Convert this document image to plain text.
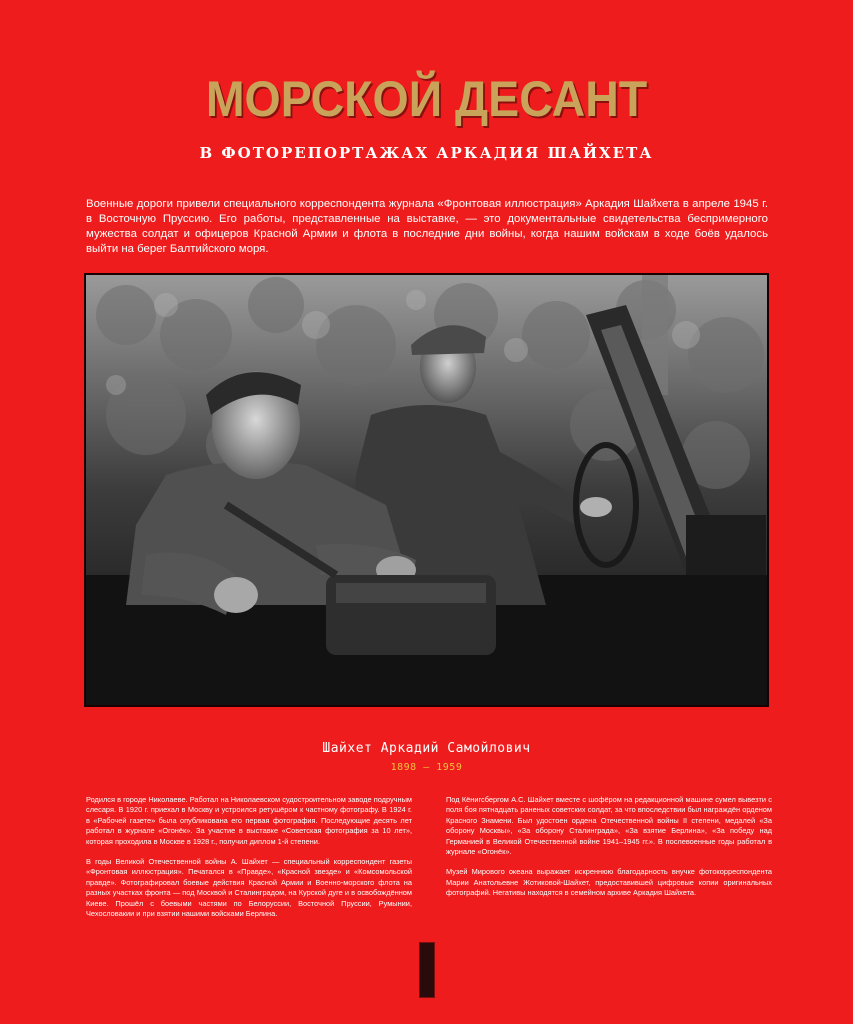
МОРСКОЙ ДЕСАНТ
В ФОТОРЕПОРТАЖАХ АРКАДИЯ ШАЙХЕТА
Военные дороги привели специального корреспондента журнала «Фронтовая иллюстрация» Аркадия Шайхета в апреле 1945 г. в Восточную Пруссию. Его работы, представленные на выставке, — это документальные свидетельства беспримерного мужества солдат и офицеров Красной Армии и флота в последние дни войны, когда нашим войскам в ходе боёв удалось выйти на берег Балтийского моря.
Шайхет Аркадий Самойлович
1898 – 1959

Родился в городе Николаеве. Работал на Николаевском судостроительном заводе подручным слесаря. В 1920 г. приехал в Москву и устроился ретушёром к частному фотографу. В 1924 г. в «Рабочей газете» была опубликована его первая фотография. Последующие десять лет работал в журнале «Огонёк». За участие в выставке «Советская фотография за 10 лет», которая проходила в Москве в 1928 г., получил диплом 1-й степени.

В годы Великой Отечественной войны А. Шайхет — специальный корреспондент газеты «Фронтовая иллюстрация». Печатался в «Правде», «Красной звезде» и «Комсомольской правде». Фотографировал боевые действия Красной Армии и Военно-морского флота на разных участках фронта — под Москвой и Сталинградом, на Курской дуге и в освобождённом Киеве. Прошёл с боевыми частями по Белоруссии, Восточной Пруссии, Румынии, Чехословакии и при взятии нашими войсками Берлина.

Под Кёнигсбергом А.С. Шайхет вместе с шофёром на редакционной машине сумел вывезти с поля боя пятнадцать раненых советских солдат, за что впоследствии был награждён орденом Красного Знамени. Был удостоен ордена Отечественной войны II степени, медалей «За оборону Москвы», «За оборону Сталинграда», «За взятие Берлина», «За победу над Германией в Великой Отечественной войне 1941–1945 гг.». В послевоенные годы работал в журнале «Огонёк».

Музей Мирового океана выражает искреннюю благодарность внучке фотокорреспондента Марии Анатольевне Жотиковой-Шайхет, предоставившей цифровые копии оригинальных фотографий. Негативы находятся в семейном архиве Аркадия Шайхета.
